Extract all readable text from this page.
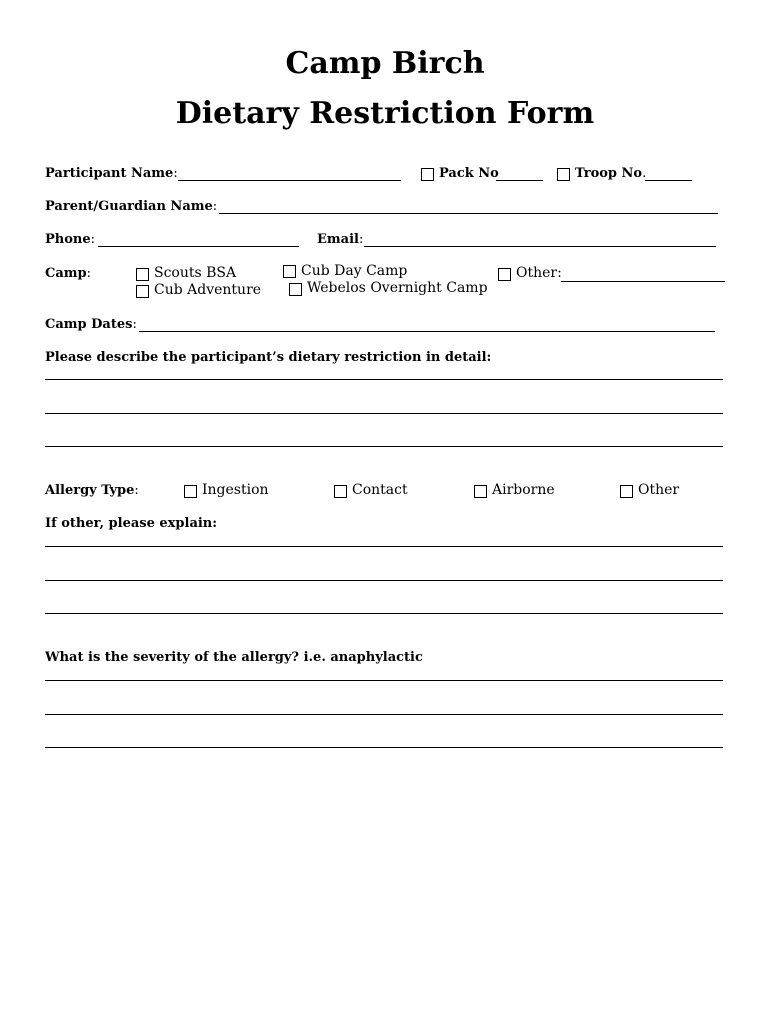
Camp Birch
Dietary Restriction Form
Participant Name:	Pack No	Troop No.
Parent/Guardian Name:
Phone:	Email:
Camp:	Scouts BSA
Cub Adventure
Cub Day Camp
Webelos Overnight Camp
Other:
Camp Dates:
Please describe the participant’s dietary restriction in detail:
Allergy Type:	Ingestion	Contact	Airborne	Other
If other, please explain:
What is the severity of the allergy? i.e. anaphylactic
